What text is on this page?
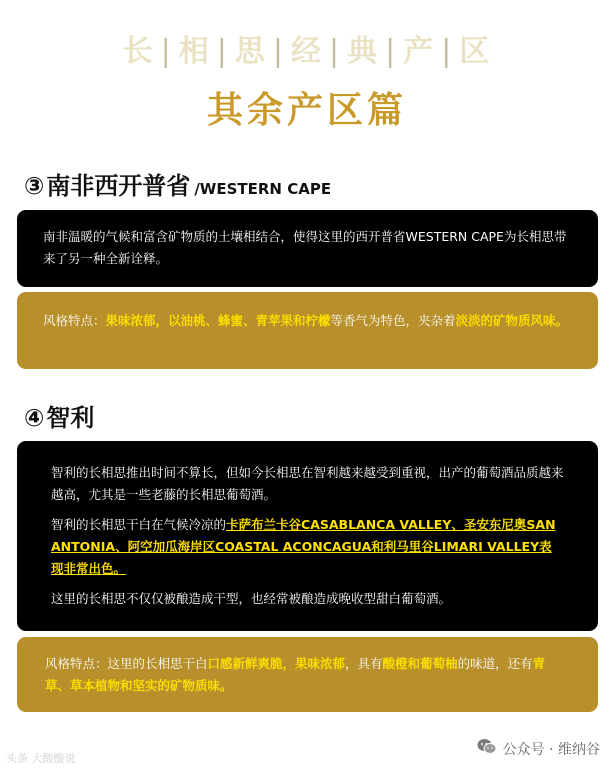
长 | 相 | 思 | 经 | 典 | 产 | 区
其余产区篇
③ 南非西开普省 /WESTERN CAPE

南非温暖的气候和富含矿物质的土壤相结合，使得这里的西开普省WESTERN CAPE为长相思带来了另一种全新诠释。

风格特点：果味浓郁，以油桃、蜂蜜、青苹果和柠檬等香气为特色，夹杂着淡淡的矿物质风味。

④ 智利

智利的长相思推出时间不算长，但如今长相思在智利越来越受到重视，出产的葡萄酒品质越来越高，尤其是一些老藤的长相思葡萄酒。

智利的长相思干白在气候冷凉的卡萨布兰卡谷CASABLANCA VALLEY、圣安东尼奥SAN ANTONIA、阿空加瓜海岸区COASTAL ACONCAGUA和利马里谷LIMARI VALLEY表现非常出色。

这里的长相思不仅仅被酿造成干型，也经常被酿造成晚收型甜白葡萄酒。

风格特点：这里的长相思干白口感新鲜爽脆，果味浓郁，具有酸橙和葡萄柚的味道，还有青草、草本植物和坚实的矿物质味。

头条 大酸酸说
公众号 · 维纳谷
